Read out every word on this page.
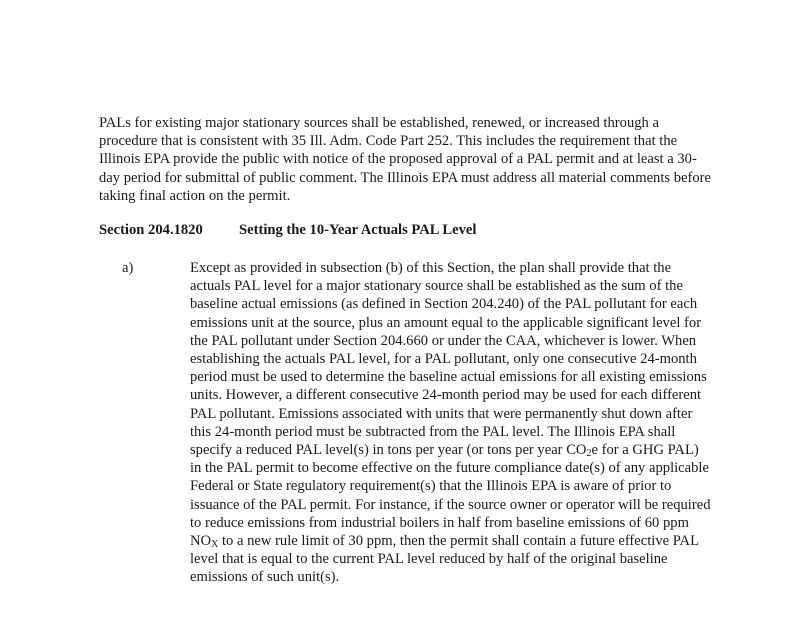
PALs for existing major stationary sources shall be established, renewed, or increased through a procedure that is consistent with 35 Ill. Adm. Code Part 252. This includes the requirement that the Illinois EPA provide the public with notice of the proposed approval of a PAL permit and at least a 30-day period for submittal of public comment. The Illinois EPA must address all material comments before taking final action on the permit.

Section 204.1820 Setting the 10-Year Actuals PAL Level
a)	Except as provided in subsection (b) of this Section, the plan shall provide that the actuals PAL level for a major stationary source shall be established as the sum of the baseline actual emissions (as defined in Section 204.240) of the PAL pollutant for each emissions unit at the source, plus an amount equal to the applicable significant level for the PAL pollutant under Section 204.660 or under the CAA, whichever is lower. When establishing the actuals PAL level, for a PAL pollutant, only one consecutive 24-month period must be used to determine the baseline actual emissions for all existing emissions units. However, a different consecutive 24-month period may be used for each different PAL pollutant. Emissions associated with units that were permanently shut down after this 24-month period must be subtracted from the PAL level. The Illinois EPA shall specify a reduced PAL level(s) in tons per year (or tons per year $CO_2e$ for a GHG PAL) in the PAL permit to become effective on the future compliance date(s) of any applicable Federal or State regulatory requirement(s) that the Illinois EPA is aware of prior to issuance of the PAL permit. For instance, if the source owner or operator will be required to reduce emissions from industrial boilers in half from baseline emissions of 60 ppm $NO_X$ to a new rule limit of 30 ppm, then the permit shall contain a future effective PAL level that is equal to the current PAL level reduced by half of the original baseline emissions of such unit(s).
